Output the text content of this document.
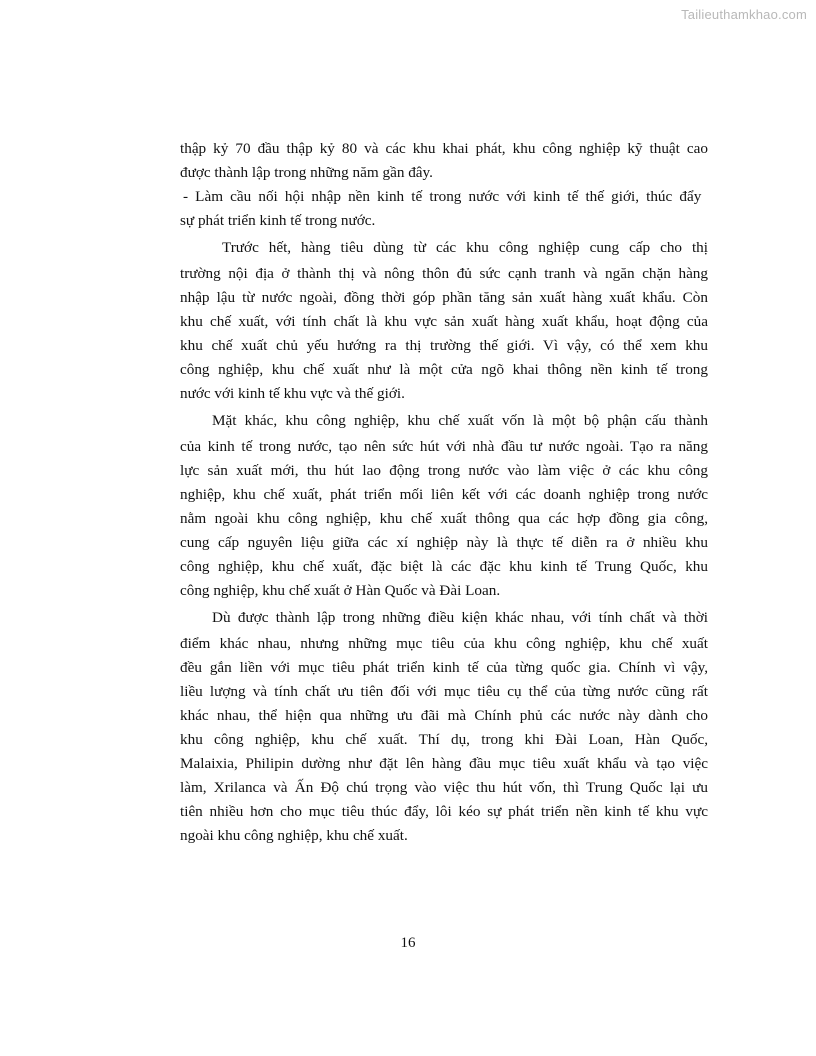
Tailieuthamkhao.com
thập kỷ 70 đầu thập kỷ 80 và các khu khai phát, khu công nghiệp kỹ thuật cao
được thành lập trong những năm gần đây.
- Làm cầu nối hội nhập nền kinh tế trong nước với kinh tế thế giới, thúc đẩy
sự phát triển kinh tế trong nước.
Trước hết, hàng tiêu dùng từ các khu công nghiệp cung cấp cho thị
trường nội địa ở thành thị và nông thôn đủ sức cạnh tranh và ngăn chặn hàng
nhập lậu từ nước ngoài, đồng thời góp phần tăng sản xuất hàng xuất khẩu. Còn
khu chế xuất, với tính chất là khu vực sản xuất hàng xuất khẩu, hoạt động của
khu chế xuất chủ yếu hướng ra thị trường thế giới. Vì vậy, có thể xem khu
công nghiệp, khu chế xuất như là một cửa ngõ khai thông nền kinh tế trong
nước với kinh tế khu vực và thế giới.
Mặt khác, khu công nghiệp, khu chế xuất vốn là một bộ phận cấu thành
của kinh tế trong nước, tạo nên sức hút với nhà đầu tư nước ngoài. Tạo ra năng
lực sản xuất mới, thu hút lao động trong nước vào làm việc ở các khu công
nghiệp, khu chế xuất, phát triển mối liên kết với các doanh nghiệp trong nước
nằm ngoài khu công nghiệp, khu chế xuất thông qua các hợp đồng gia công,
cung cấp nguyên liệu giữa các xí nghiệp này là thực tế diễn ra ở nhiều khu
công nghiệp, khu chế xuất, đặc biệt là các đặc khu kinh tế Trung Quốc, khu
công nghiệp, khu chế xuất ở Hàn Quốc và Đài Loan.
Dù được thành lập trong những điều kiện khác nhau, với tính chất và thời
điểm khác nhau, nhưng những mục tiêu của khu công nghiệp, khu chế xuất
đều gắn liền với mục tiêu phát triển kinh tế của từng quốc gia. Chính vì vậy,
liều lượng và tính chất ưu tiên đối với mục tiêu cụ thể của từng nước cũng rất
khác nhau, thể hiện qua những ưu đãi mà Chính phủ các nước này dành cho
khu công nghiệp, khu chế xuất. Thí dụ, trong khi Đài Loan, Hàn Quốc,
Malaixia, Philipin dường như đặt lên hàng đầu mục tiêu xuất khẩu và tạo việc
làm, Xrilanca và Ấn Độ chú trọng vào việc thu hút vốn, thì Trung Quốc lại ưu
tiên nhiều hơn cho mục tiêu thúc đẩy, lôi kéo sự phát triển nền kinh tế khu vực
ngoài khu công nghiệp, khu chế xuất.
16
